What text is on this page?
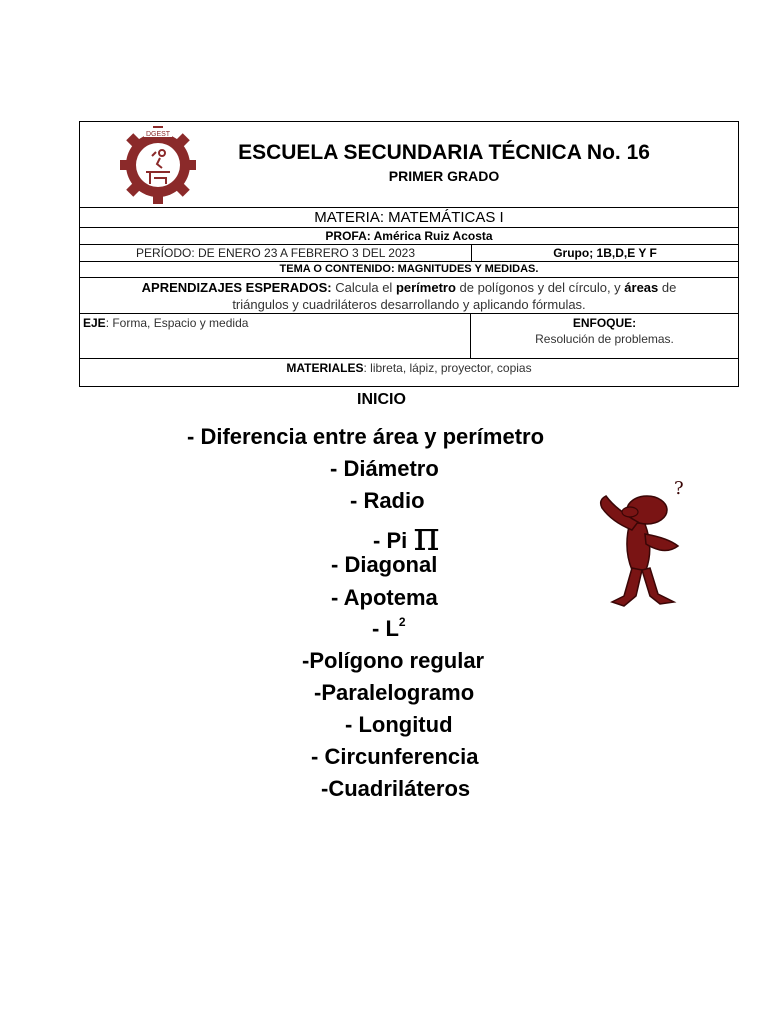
DGEST
ESCUELA SECUNDARIA TÉCNICA No. 16
PRIMER GRADO
MATERIA: MATEMÁTICAS I
PROFA: América Ruiz Acosta
PERÍODO: DE ENERO 23 A FEBRERO 3 DEL 2023	Grupo; 1B,D,E Y F
TEMA O CONTENIDO: MAGNITUDES Y MEDIDAS.
APRENDIZAJES ESPERADOS: Calcula el perímetro de polígonos y del círculo, y áreas de
triángulos y cuadriláteros desarrollando y aplicando fórmulas.
EJE: Forma, Espacio y medida	ENFOQUE:
Resolución de problemas.
MATERIALES: libreta, lápiz, proyector, copias
INICIO
- Diferencia entre área y perímetro
- Diámetro
- Radio
- Pi π
- Diagonal
- Apotema
- $L^2$
-Polígono regular
-Paralelogramo
- Longitud
- Circunferencia
-Cuadriláteros
?
